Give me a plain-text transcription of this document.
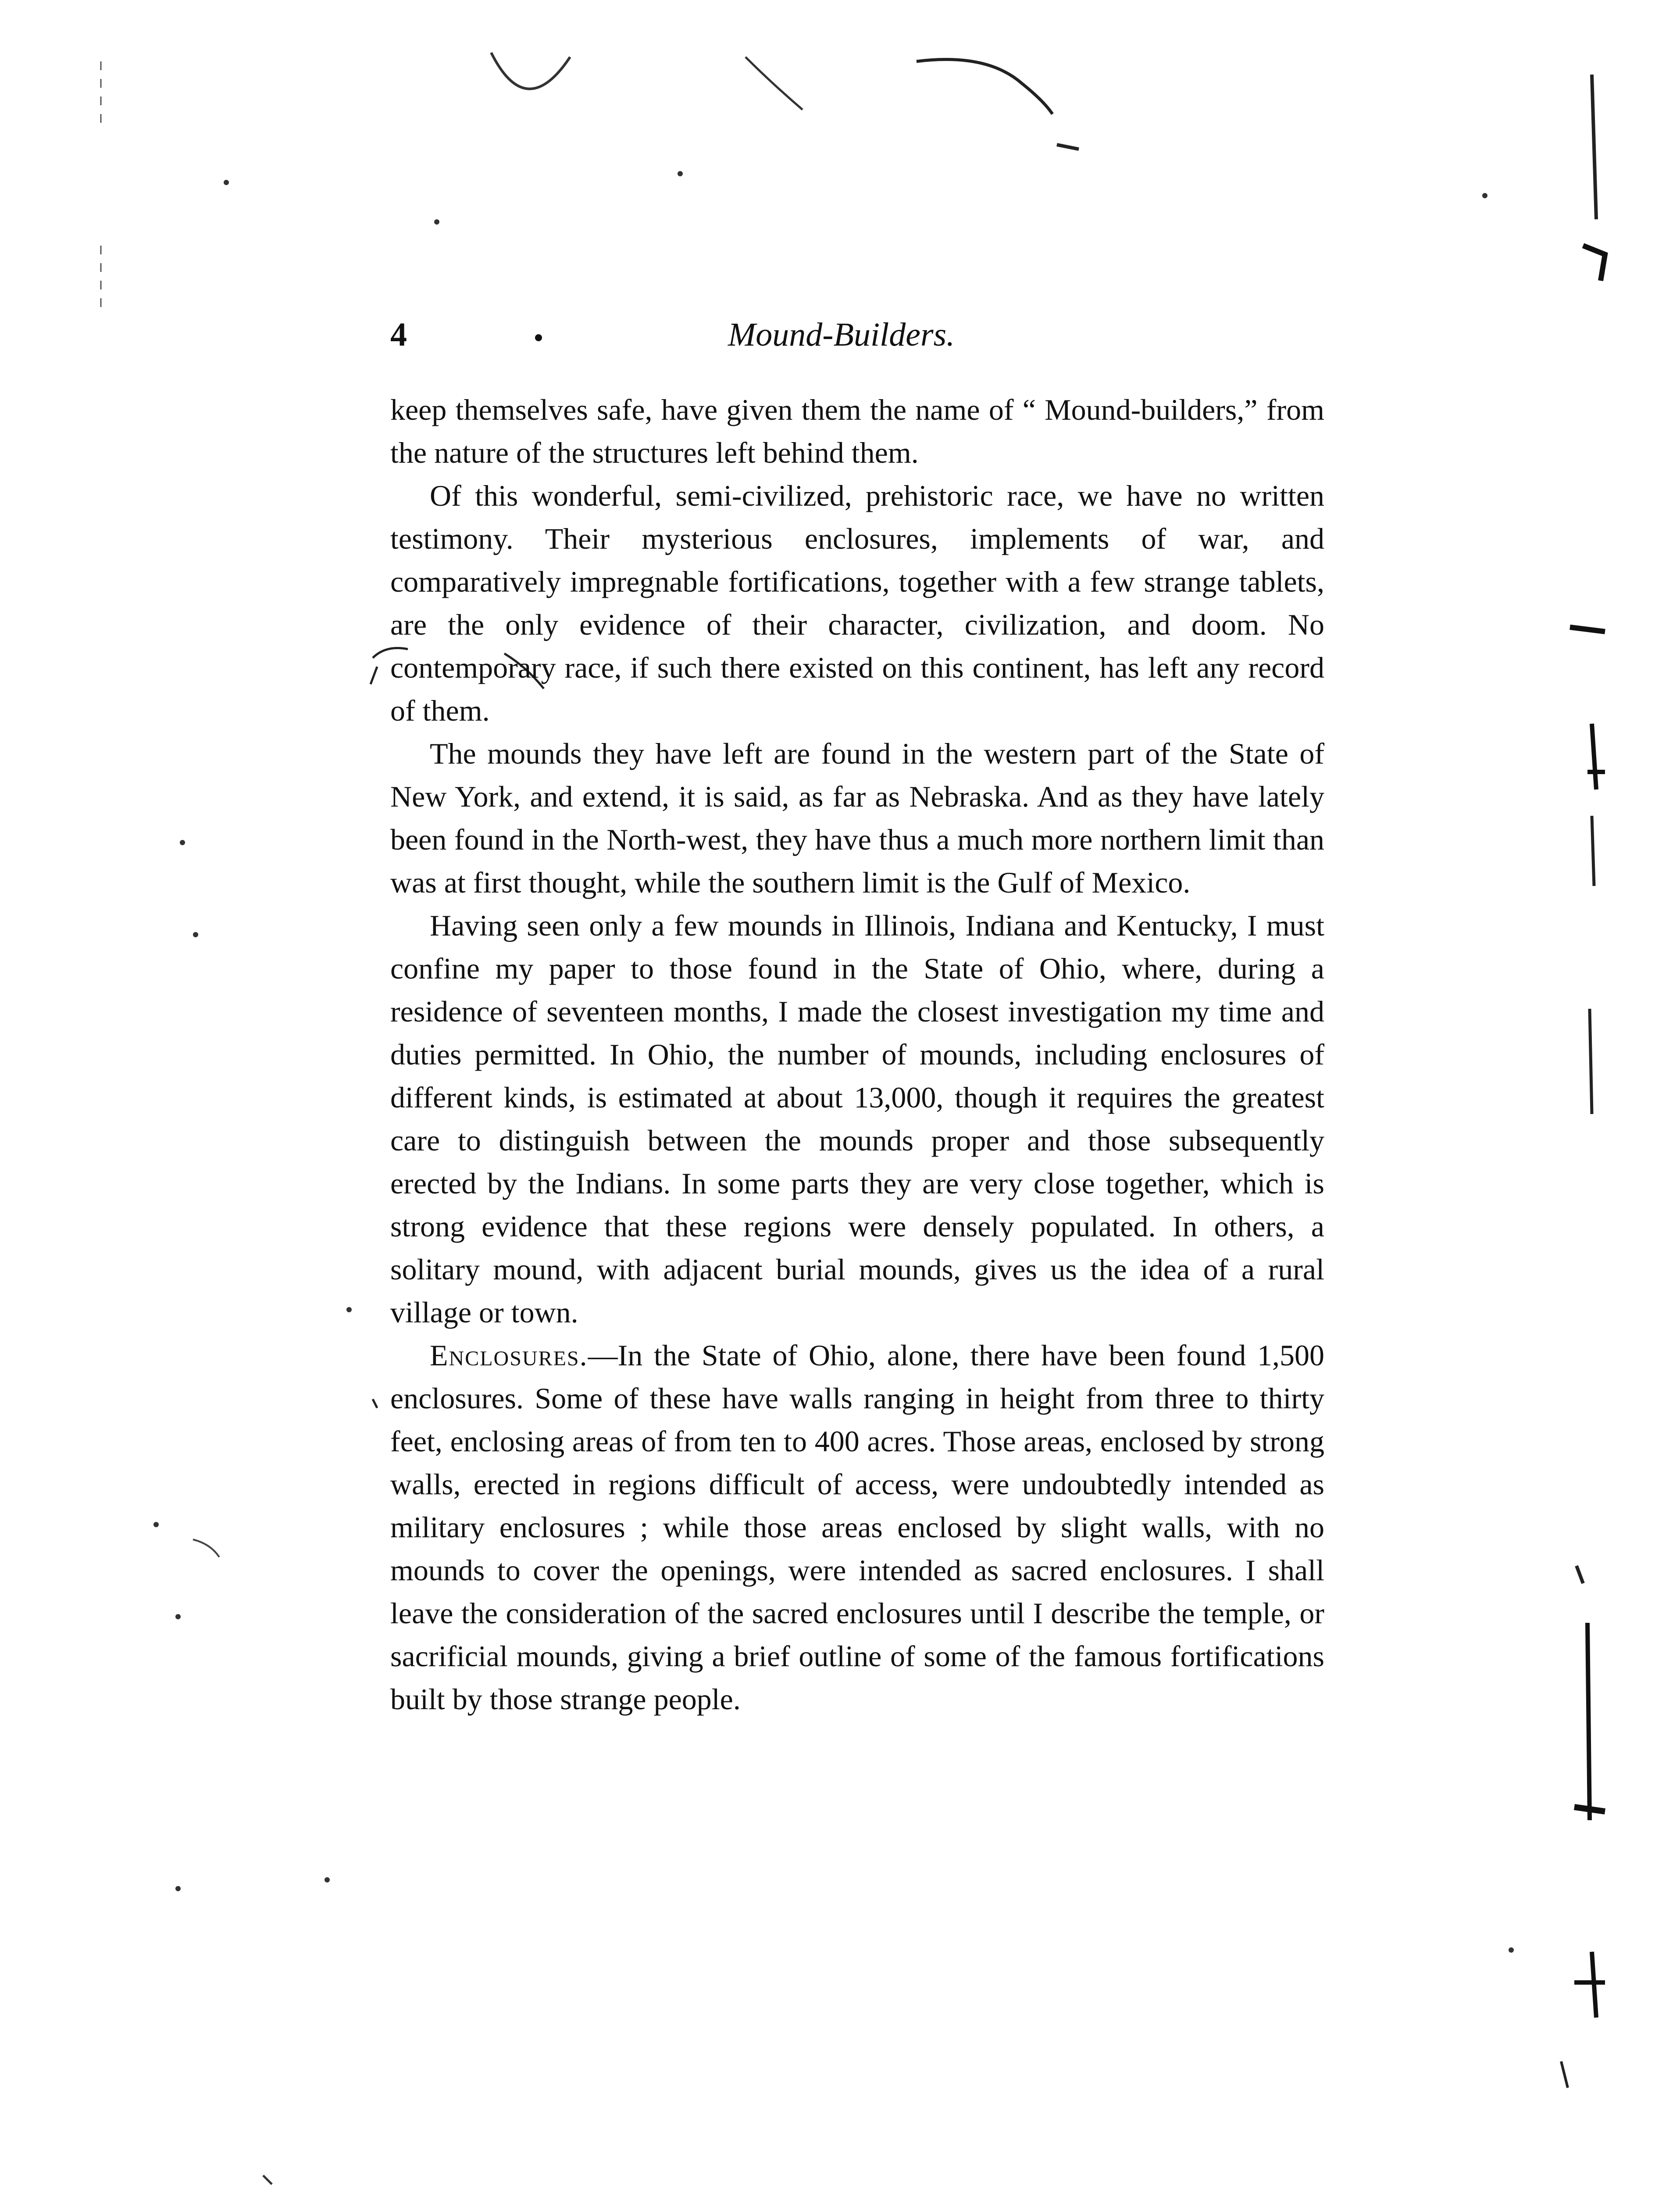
4	Mound-Builders.

keep themselves safe, have given them the name of “ Mound-builders,” from the nature of the structures left behind them.

Of this wonderful, semi-civilized, prehistoric race, we have no written testimony. Their mysterious enclosures, implements of war, and comparatively impregnable fortifications, together with a few strange tablets, are the only evidence of their character, civilization, and doom. No contemporary race, if such there existed on this continent, has left any record of them.

The mounds they have left are found in the western part of the State of New York, and extend, it is said, as far as Nebraska. And as they have lately been found in the North-west, they have thus a much more northern limit than was at first thought, while the southern limit is the Gulf of Mexico.

Having seen only a few mounds in Illinois, Indiana and Kentucky, I must confine my paper to those found in the State of Ohio, where, during a residence of seventeen months, I made the closest investigation my time and duties permitted. In Ohio, the number of mounds, including enclosures of different kinds, is estimated at about 13,000, though it requires the greatest care to distinguish between the mounds proper and those subsequently erected by the Indians. In some parts they are very close together, which is strong evidence that these regions were densely populated. In others, a solitary mound, with adjacent burial mounds, gives us the idea of a rural village or town.

Enclosures.—In the State of Ohio, alone, there have been found 1,500 enclosures. Some of these have walls ranging in height from three to thirty feet, enclosing areas of from ten to 400 acres. Those areas, enclosed by strong walls, erected in regions difficult of access, were undoubtedly intended as military enclosures ; while those areas enclosed by slight walls, with no mounds to cover the openings, were intended as sacred enclosures. I shall leave the consideration of the sacred enclosures until I describe the temple, or sacrificial mounds, giving a brief outline of some of the famous fortifications built by those strange people.
